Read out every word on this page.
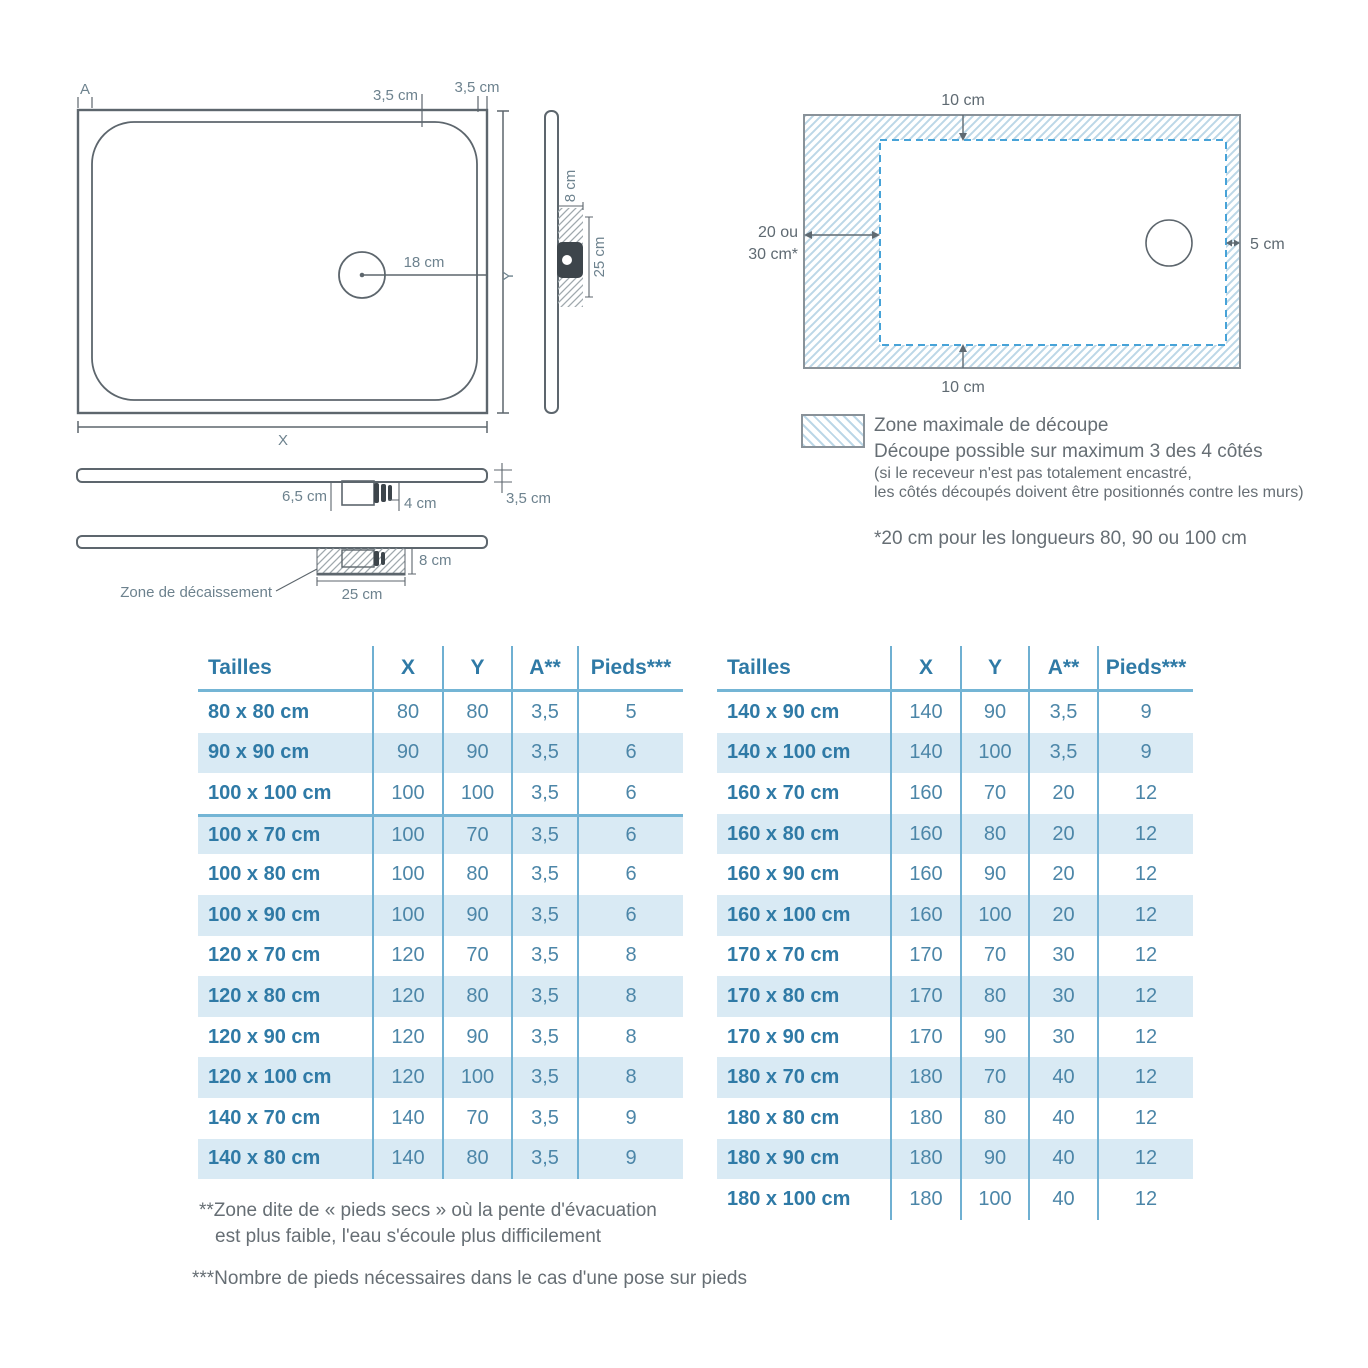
A	3,5 cm 3,5 cm
18 cm
X
Y
8 cm
25 cm
6,5 cm	4 cm	3,5 cm
8 cm
25 cm
Zone de décaissement
10 cm
10 cm
20 ou
30 cm*
5 cm
Zone maximale de découpe
Découpe possible sur maximum 3 des 4 côtés
(si le receveur n'est pas totalement encastré,
les côtés découpés doivent être positionnés contre les murs)
*20 cm pour les longueurs 80, 90 ou 100 cm
Tailles	X	Y	A**	Pieds***
80 x 80 cm	80	80	3,5	5
90 x 90 cm	90	90	3,5	6
100 x 100 cm	100	100	3,5	6
100 x 70 cm	100	70	3,5	6
100 x 80 cm	100	80	3,5	6
100 x 90 cm	100	90	3,5	6
120 x 70 cm	120	70	3,5	8
120 x 80 cm	120	80	3,5	8
120 x 90 cm	120	90	3,5	8
120 x 100 cm	120	100	3,5	8
140 x 70 cm	140	70	3,5	9
140 x 80 cm	140	80	3,5	9
Tailles	X	Y	A**	Pieds***
140 x 90 cm	140	90	3,5	9
140 x 100 cm	140	100	3,5	9
160 x 70 cm	160	70	20	12
160 x 80 cm	160	80	20	12
160 x 90 cm	160	90	20	12
160 x 100 cm	160	100	20	12
170 x 70 cm	170	70	30	12
170 x 80 cm	170	80	30	12
170 x 90 cm	170	90	30	12
180 x 70 cm	180	70	40	12
180 x 80 cm	180	80	40	12
180 x 90 cm	180	90	40	12
180 x 100 cm	180	100	40	12
**Zone dite de « pieds secs » où la pente d'évacuation
est plus faible, l'eau s'écoule plus difficilement
***Nombre de pieds nécessaires dans le cas d'une pose sur pieds
